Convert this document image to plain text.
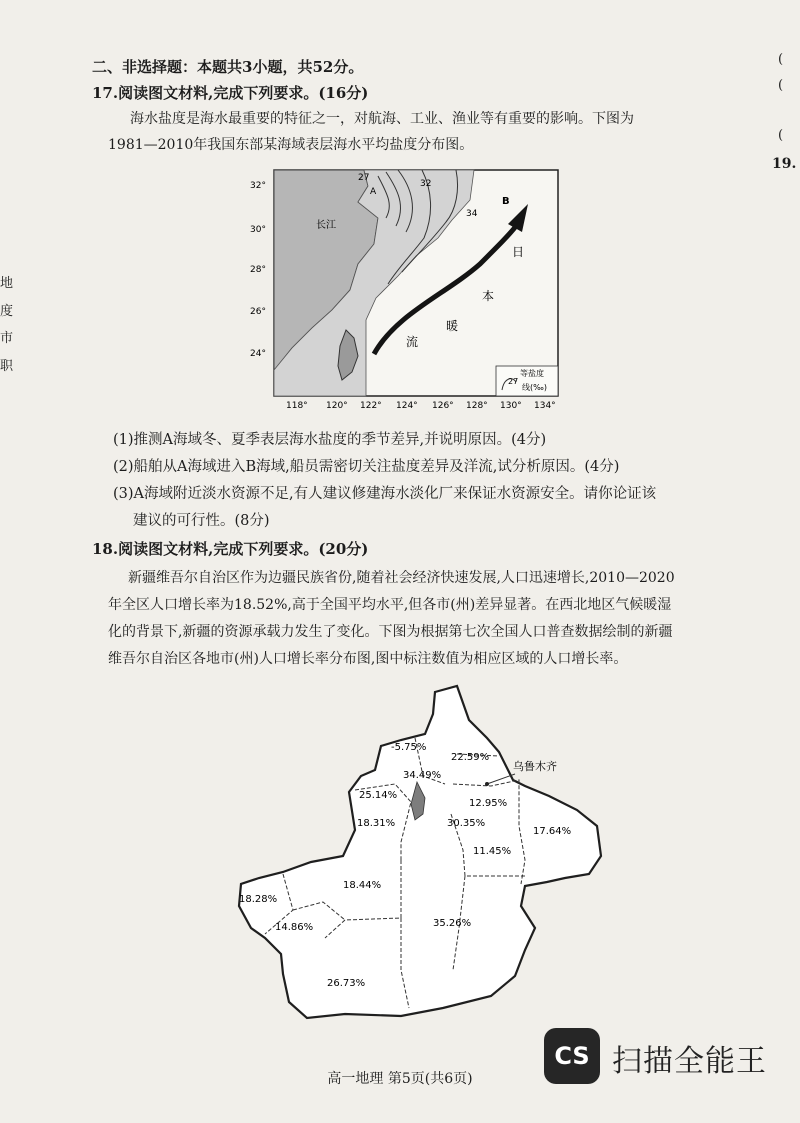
地
度
市
职
(
(
(
19.
二、非选择题：本题共3小题，共52分。
17.阅读图文材料,完成下列要求。(16分)
海水盐度是海水最重要的特征之一，对航海、工业、渔业等有重要的影响。下图为
1981—2010年我国东部某海域表层海水平均盐度分布图。
32°
30°
28°
26°
24°
118° 120° 122° 124° 126° 128° 130° 134°
长江
A
B
27
32
34
日
本
暖
流
27
等盐度
线(‰)
(1)推测A海域冬、夏季表层海水盐度的季节差异,并说明原因。(4分)
(2)船舶从A海域进入B海域,船员需密切关注盐度差异及洋流,试分析原因。(4分)
(3)A海域附近淡水资源不足,有人建议修建海水淡化厂来保证水资源安全。请你论证该
建议的可行性。(8分)
18.阅读图文材料,完成下列要求。(20分)
新疆维吾尔自治区作为边疆民族省份,随着社会经济快速发展,人口迅速增长,2010—2020
年全区人口增长率为18.52%,高于全国平均水平,但各市(州)差异显著。在西北地区气候暖湿
化的背景下,新疆的资源承载力发生了变化。下图为根据第七次全国人口普查数据绘制的新疆
维吾尔自治区各地市(州)人口增长率分布图,图中标注数值为相应区域的人口增长率。
乌鲁木齐
-5.75%
22.59%
34.49%
25.14%
18.31%
12.95%
30.35%
17.64%
11.45%
18.44%
18.28%
14.86%	35.26%
26.73%
高一地理 第5页(共6页)
CS 扫描全能王
